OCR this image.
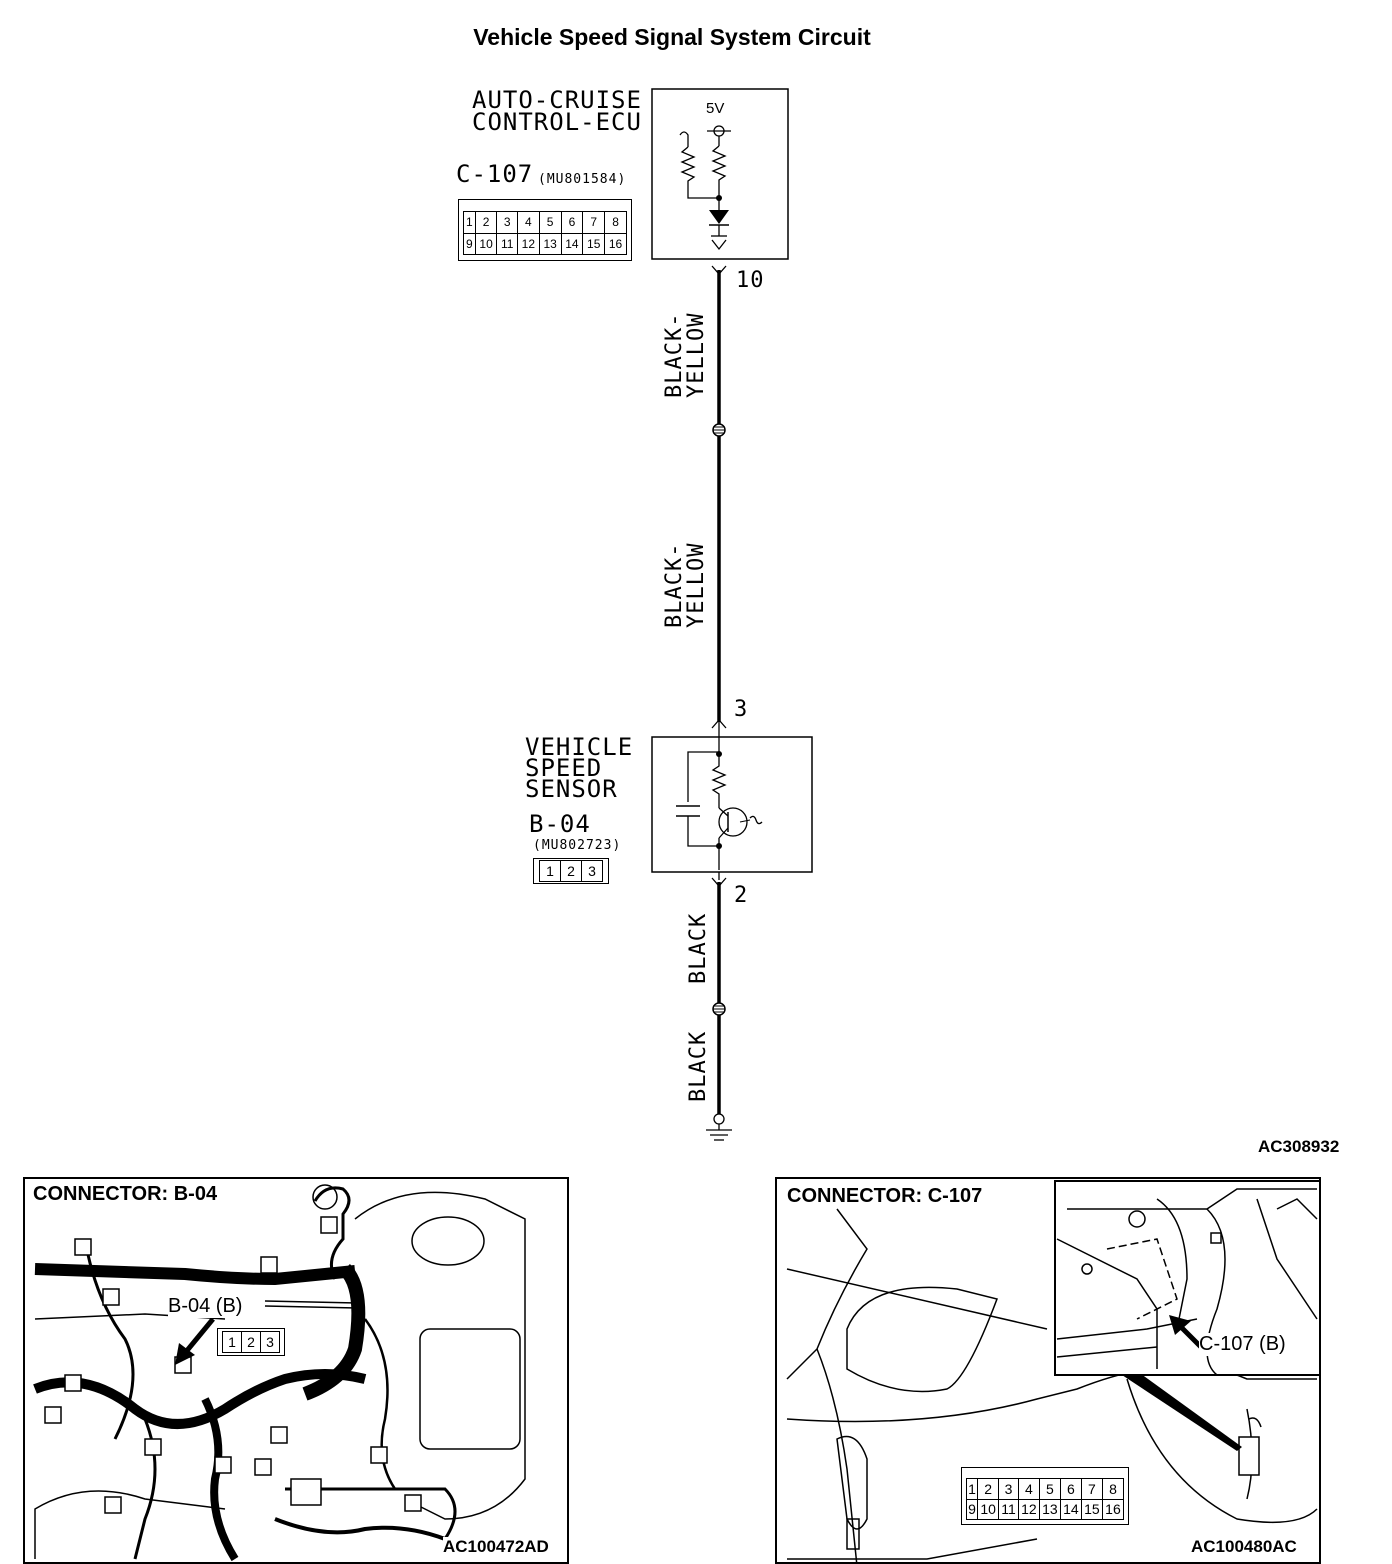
Vehicle Speed Signal System Circuit
AUTO-CRUISE
CONTROL-ECU
C-107 (MU801584)
5V
1	2	3	4	5	6	7	8
9	10	11	12	13	14	15	16
10
3
2
BLACK-
YELLOW
BLACK-
YELLOW
BLACK
BLACK
VEHICLE
SPEED
SENSOR
B-04
(MU802723)
1 2 3
AC308932
CONNECTOR: B-04
B-04 (B)
1 2 3
AC100472AD
CONNECTOR: C-107
C-107 (B)
1	2	3	4	5	6	7	8
9	10	11	12	13	14	15	16
AC100480AC
